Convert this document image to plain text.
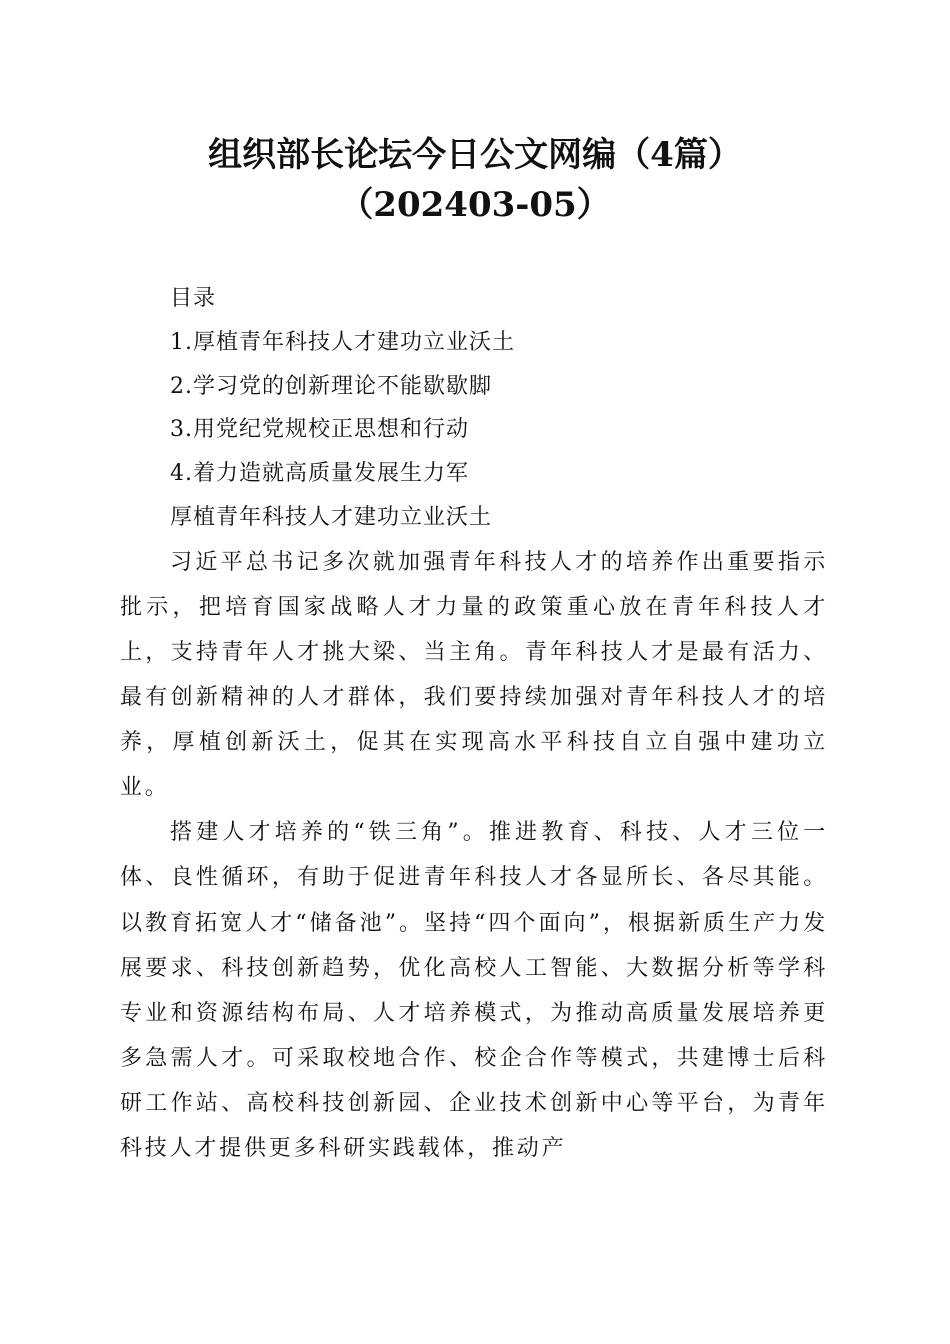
组织部长论坛今日公文网编（4篇）
（202403-05）
目录
1.厚植青年科技人才建功立业沃土
2.学习党的创新理论不能歇歇脚
3.用党纪党规校正思想和行动
4.着力造就高质量发展生力军
厚植青年科技人才建功立业沃土

习近平总书记多次就加强青年科技人才的培养作出重要指示批示，把培育国家战略人才力量的政策重心放在青年科技人才上，支持青年人才挑大梁、当主角。青年科技人才是最有活力、最有创新精神的人才群体，我们要持续加强对青年科技人才的培养，厚植创新沃土，促其在实现高水平科技自立自强中建功立业。

搭建人才培养的“铁三角”。推进教育、科技、人才三位一体、良性循环，有助于促进青年科技人才各显所长、各尽其能。以教育拓宽人才“储备池”。坚持“四个面向”，根据新质生产力发展要求、科技创新趋势，优化高校人工智能、大数据分析等学科专业和资源结构布局、人才培养模式，为推动高质量发展培养更多急需人才。可采取校地合作、校企合作等模式，共建博士后科研工作站、高校科技创新园、企业技术创新中心等平台，为青年科技人才提供更多科研实践载体，推动产
